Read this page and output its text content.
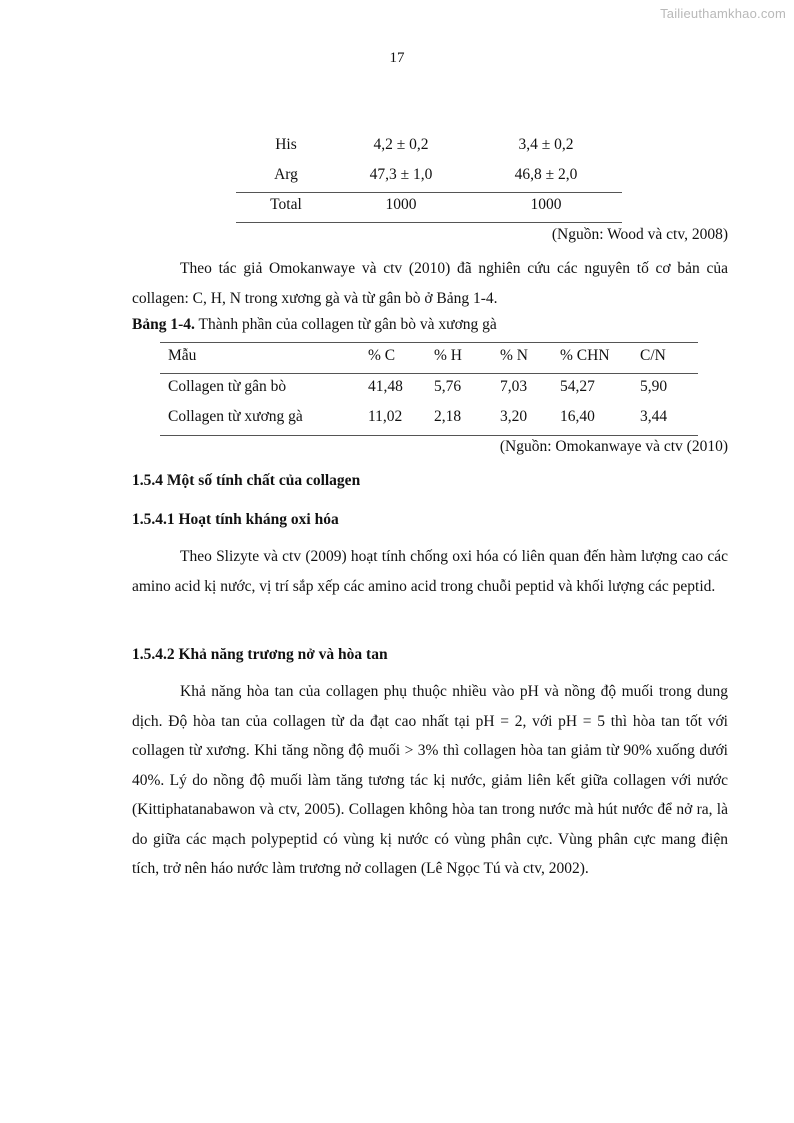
Tailieuthamkhao.com
17
His	4,2 ± 0,2	3,4 ± 0,2
Arg	47,3 ± 1,0	46,8 ± 2,0
Total	1000	1000
(Nguồn: Wood và ctv, 2008)

Theo tác giả Omokanwaye và ctv (2010) đã nghiên cứu các nguyên tố cơ bản của collagen: C, H, N trong xương gà và từ gân bò ở Bảng 1-4.

Bảng 1-4. Thành phần của collagen từ gân bò và xương gà
Mẫu	% C	% H % N % CHN C/N
Collagen từ gân bò	41,48 5,76	7,03 54,27	5,90
Collagen từ xương gà	11,02 2,18	3,20 16,40	3,44
(Nguồn: Omokanwaye và ctv (2010)
1.5.4 Một số tính chất của collagen
1.5.4.1 Hoạt tính kháng oxi hóa

Theo Slizyte và ctv (2009) hoạt tính chống oxi hóa có liên quan đến hàm lượng cao các amino acid kị nước, vị trí sắp xếp các amino acid trong chuỗi peptid và khối lượng các peptid.

1.5.4.2 Khả năng trương nở và hòa tan

Khả năng hòa tan của collagen phụ thuộc nhiều vào pH và nồng độ muối trong dung dịch. Độ hòa tan của collagen từ da đạt cao nhất tại pH = 2, với pH = 5 thì hòa tan tốt với collagen từ xương. Khi tăng nồng độ muối > 3% thì collagen hòa tan giảm từ 90% xuống dưới 40%. Lý do nồng độ muối làm tăng tương tác kị nước, giảm liên kết giữa collagen với nước (Kittiphatanabawon và ctv, 2005). Collagen không hòa tan trong nước mà hút nước để nở ra, là do giữa các mạch polypeptid có vùng kị nước có vùng phân cực. Vùng phân cực mang điện tích, trở nên háo nước làm trương nở collagen (Lê Ngọc Tú và ctv, 2002).
